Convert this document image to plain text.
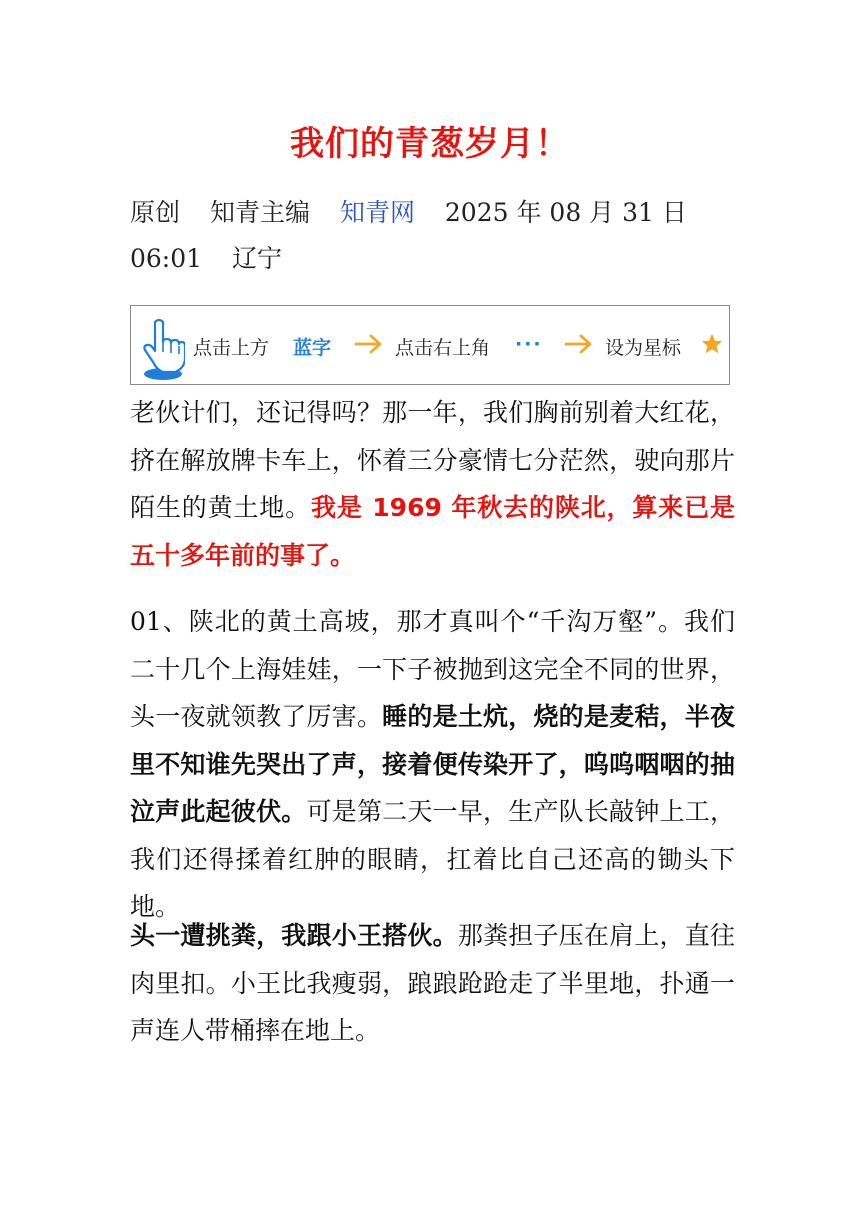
我们的青葱岁月！
原创 知青主编 知青网 2025 年 08 月 31 日
06:01 辽宁
点击上方 蓝字	点击右上角 ···	设为星标
老伙计们，还记得吗？那一年，我们胸前别着大红花，挤在解放牌卡车上，怀着三分豪情七分茫然，驶向那片陌生的黄土地。我是 1969 年秋去的陕北，算来已是五十多年前的事了。
01、陕北的黄土高坡，那才真叫个“千沟万壑”。我们二十几个上海娃娃，一下子被抛到这完全不同的世界，头一夜就领教了厉害。睡的是土炕，烧的是麦秸，半夜里不知谁先哭出了声，接着便传染开了，呜呜咽咽的抽泣声此起彼伏。可是第二天一早，生产队长敲钟上工，我们还得揉着红肿的眼睛，扛着比自己还高的锄头下地。
头一遭挑粪，我跟小王搭伙。那粪担子压在肩上，直往肉里扣。小王比我瘦弱，踉踉跄跄走了半里地，扑通一声连人带桶摔在地上。
